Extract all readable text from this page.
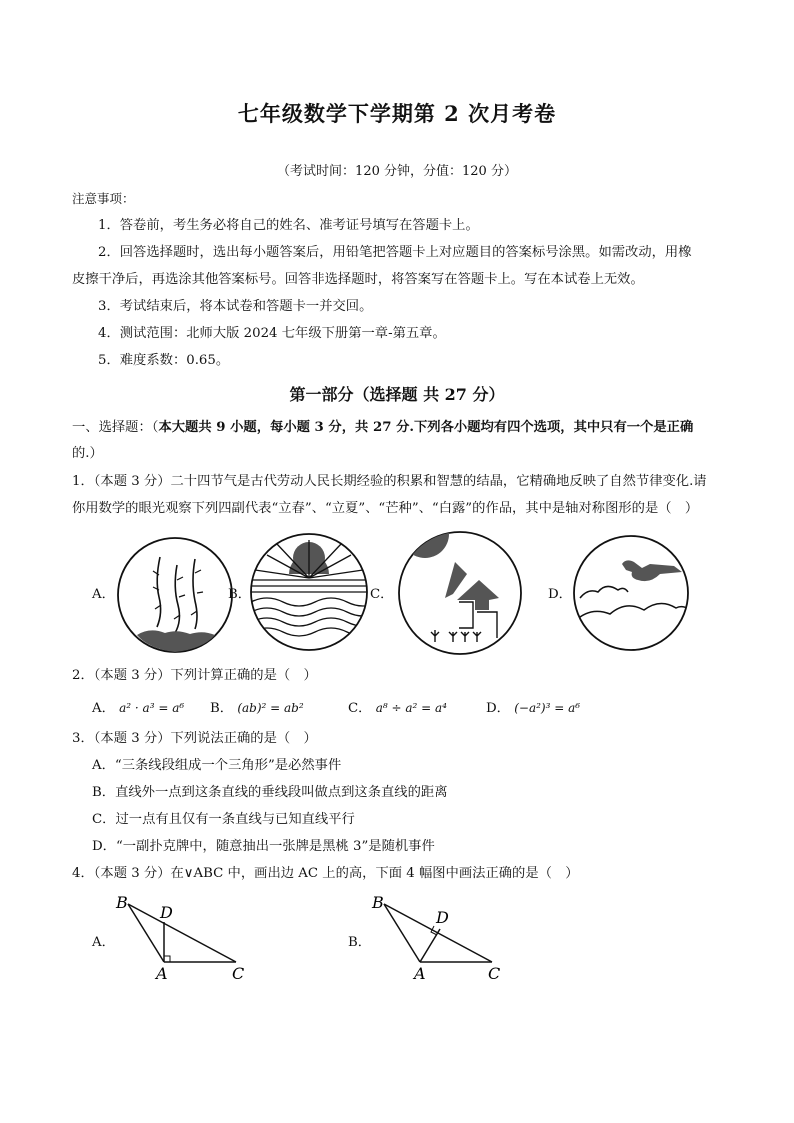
七年级数学下学期第 2 次月考卷
（考试时间：120 分钟，分值：120 分）
注意事项：
1．答卷前，考生务必将自己的姓名、准考证号填写在答题卡上。
2．回答选择题时，选出每小题答案后，用铅笔把答题卡上对应题目的答案标号涂黑。如需改动，用橡
皮擦干净后，再选涂其他答案标号。回答非选择题时，将答案写在答题卡上。写在本试卷上无效。
3．考试结束后，将本试卷和答题卡一并交回。
4．测试范围：北师大版 2024 七年级下册第一章-第五章。
5．难度系数：0.65。
第一部分（选择题 共 27 分）
一、选择题：（本大题共 9 小题，每小题 3 分，共 27 分.下列各小题均有四个选项，其中只有一个是正确
的.）
1．（本题 3 分）二十四节气是古代劳动人民长期经验的积累和智慧的结晶，它精确地反映了自然节律变化.请
你用数学的眼光观察下列四副代表“立春”、“立夏”、“芒种”、“白露”的作品，其中是轴对称图形的是（　）
A．	B．	C．	D．
2．（本题 3 分）下列计算正确的是（　）
A． a² · a³ = a⁶ B． (ab)² = ab²	C． a⁸ ÷ a² = a⁴	D． (−a²)³ = a⁶
3．（本题 3 分）下列说法正确的是（　）
A．“三条线段组成一个三角形”是必然事件
B．直线外一点到这条直线的垂线段叫做点到这条直线的距离
C．过一点有且仅有一条直线与已知直线平行
D．“一副扑克牌中，随意抽出一张牌是黑桃 3”是随机事件
4．（本题 3 分）在∨ABC 中，画出边 AC 上的高，下面 4 幅图中画法正确的是（　）
A．	B．
B
D
A	C
B
D
A	C
